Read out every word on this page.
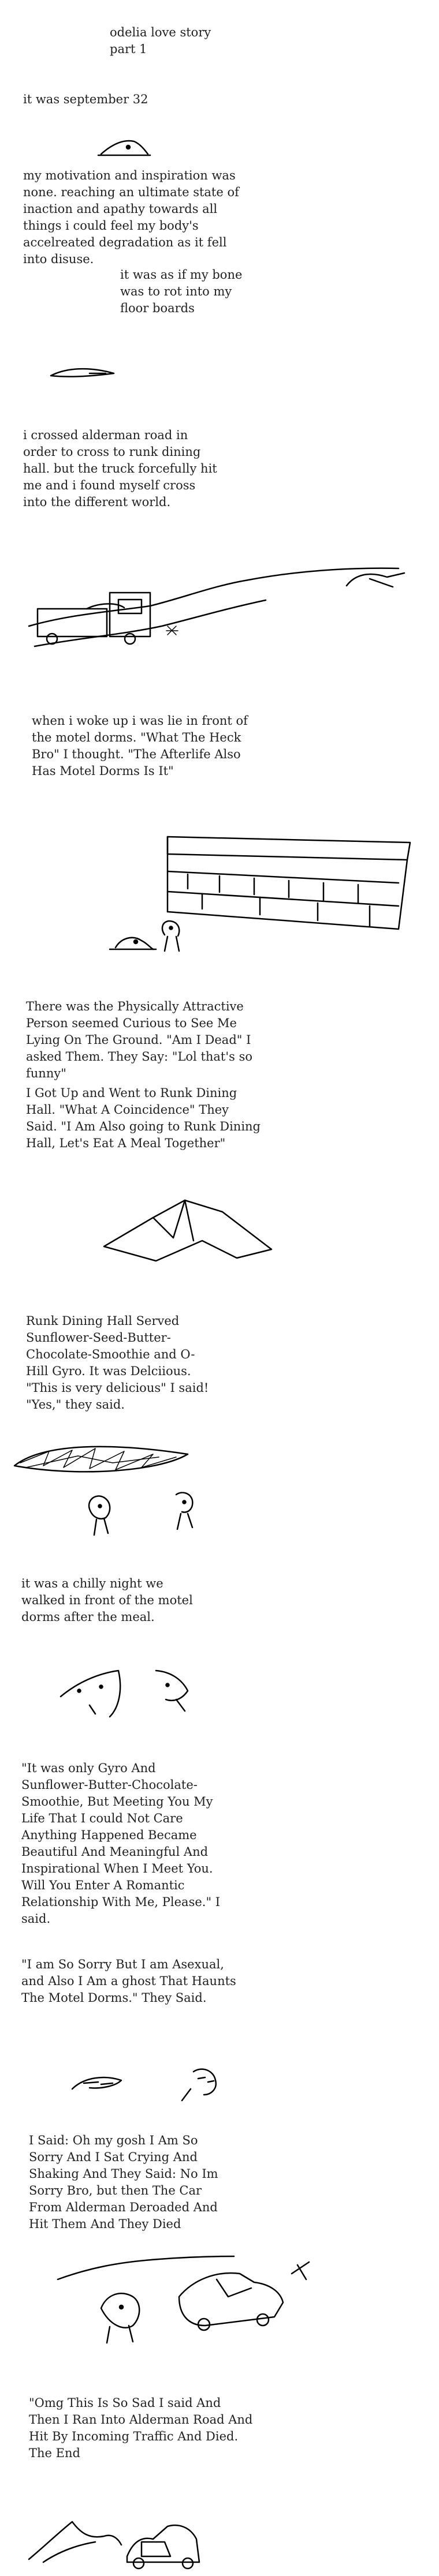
odelia love story
part 1

it was september 32

my motivation and inspiration was
none. reaching an ultimate state of
inaction and apathy towards all
things i could feel my body's
accelreated degradation as it fell
into disuse.

it was as if my bone
was to rot into my
floor boards

i crossed alderman road in
order to cross to runk dining
hall. but the truck forcefully hit
me and i found myself cross
into the different world.

when i woke up i was lie in front of
the motel dorms. "What The Heck
Bro" I thought. "The Afterlife Also
Has Motel Dorms Is It"

There was the Physically Attractive
Person seemed Curious to See Me
Lying On The Ground. "Am I Dead" I
asked Them. They Say: "Lol that's so
funny"

I Got Up and Went to Runk Dining
Hall. "What A Coincidence" They
Said. "I Am Also going to Runk Dining
Hall, Let's Eat A Meal Together"

Runk Dining Hall Served
Sunflower-Seed-Butter-
Chocolate-Smoothie and O-
Hill Gyro. It was Delciious.
"This is very delicious" I said!
"Yes," they said.

it was a chilly night we
walked in front of the motel
dorms after the meal.

"It was only Gyro And
Sunflower-Butter-Chocolate-
Smoothie, But Meeting You My
Life That I could Not Care
Anything Happened Became
Beautiful And Meaningful And
Inspirational When I Meet You.
Will You Enter A Romantic
Relationship With Me, Please." I
said.

"I am So Sorry But I am Asexual,
and Also I Am a ghost That Haunts
The Motel Dorms." They Said.

I Said: Oh my gosh I Am So
Sorry And I Sat Crying And
Shaking And They Said: No Im
Sorry Bro, but then The Car
From Alderman Deroaded And
Hit Them And They Died

"Omg This Is So Sad I said And
Then I Ran Into Alderman Road And
Hit By Incoming Traffic And Died.
The End
